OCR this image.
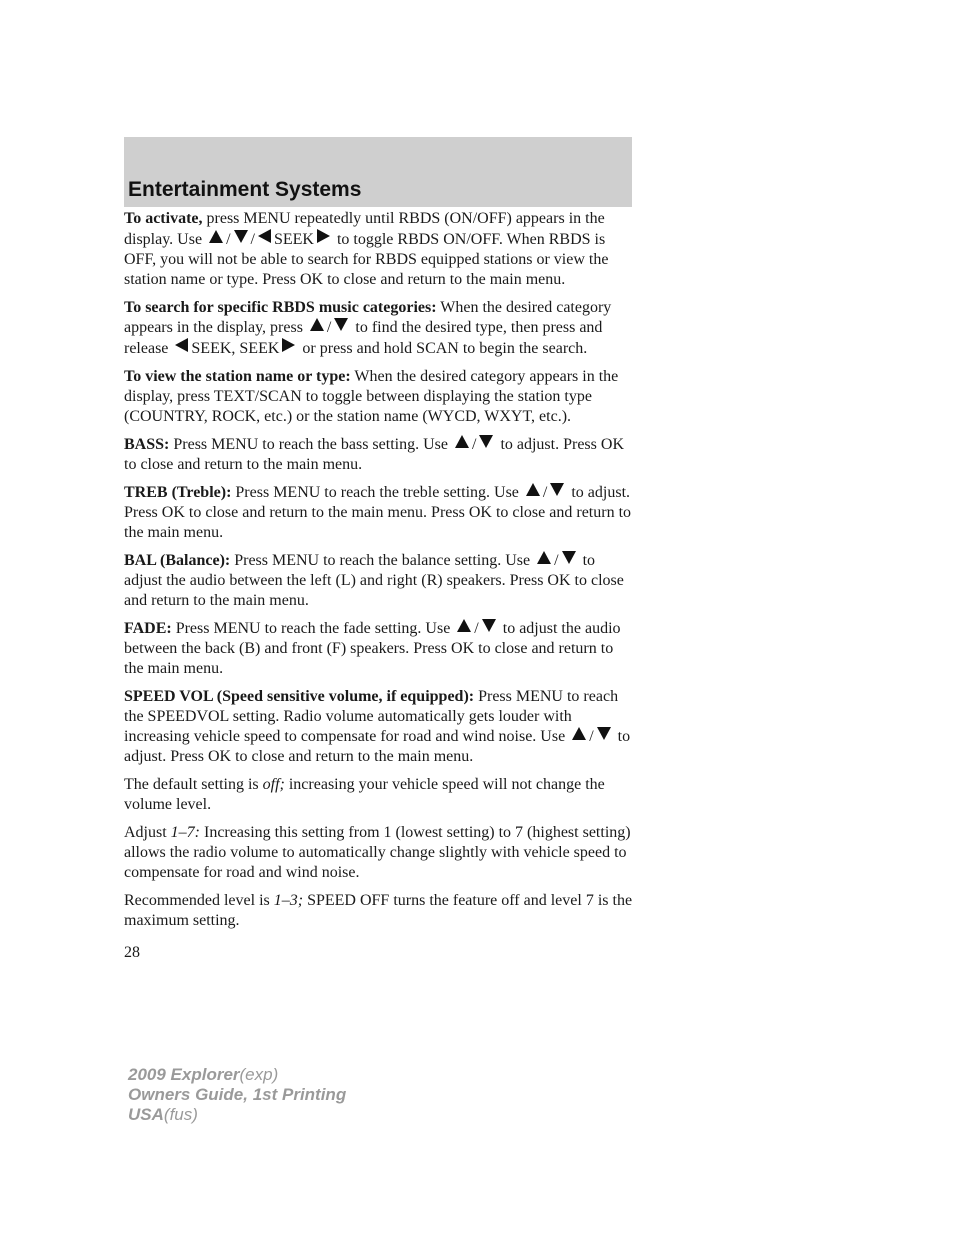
Entertainment Systems

To activate, press MENU repeatedly until RBDS (ON/OFF) appears in the display. Use / / SEEK to toggle RBDS ON/OFF. When RBDS is OFF, you will not be able to search for RBDS equipped stations or view the station name or type. Press OK to close and return to the main menu.

To search for specific RBDS music categories: When the desired category appears in the display, press / to find the desired type, then press and release SEEK, SEEK or press and hold SCAN to begin the search.

To view the station name or type: When the desired category appears in the display, press TEXT/SCAN to toggle between displaying the station type (COUNTRY, ROCK, etc.) or the station name (WYCD, WXYT, etc.).

BASS: Press MENU to reach the bass setting. Use / to adjust. Press OK to close and return to the main menu.

TREB (Treble): Press MENU to reach the treble setting. Use / to adjust. Press OK to close and return to the main menu. Press OK to close and return to the main menu.

BAL (Balance): Press MENU to reach the balance setting. Use / to adjust the audio between the left (L) and right (R) speakers. Press OK to close and return to the main menu.

FADE: Press MENU to reach the fade setting. Use / to adjust the audio between the back (B) and front (F) speakers. Press OK to close and return to the main menu.

SPEED VOL (Speed sensitive volume, if equipped): Press MENU to reach the SPEEDVOL setting. Radio volume automatically gets louder with increasing vehicle speed to compensate for road and wind noise. Use / to adjust. Press OK to close and return to the main menu.

The default setting is off; increasing your vehicle speed will not change the volume level.

Adjust 1–7: Increasing this setting from 1 (lowest setting) to 7 (highest setting) allows the radio volume to automatically change slightly with vehicle speed to compensate for road and wind noise.

Recommended level is 1–3; SPEED OFF turns the feature off and level 7 is the maximum setting.

28
2009 Explorer(exp)
Owners Guide, 1st Printing
USA(fus)
